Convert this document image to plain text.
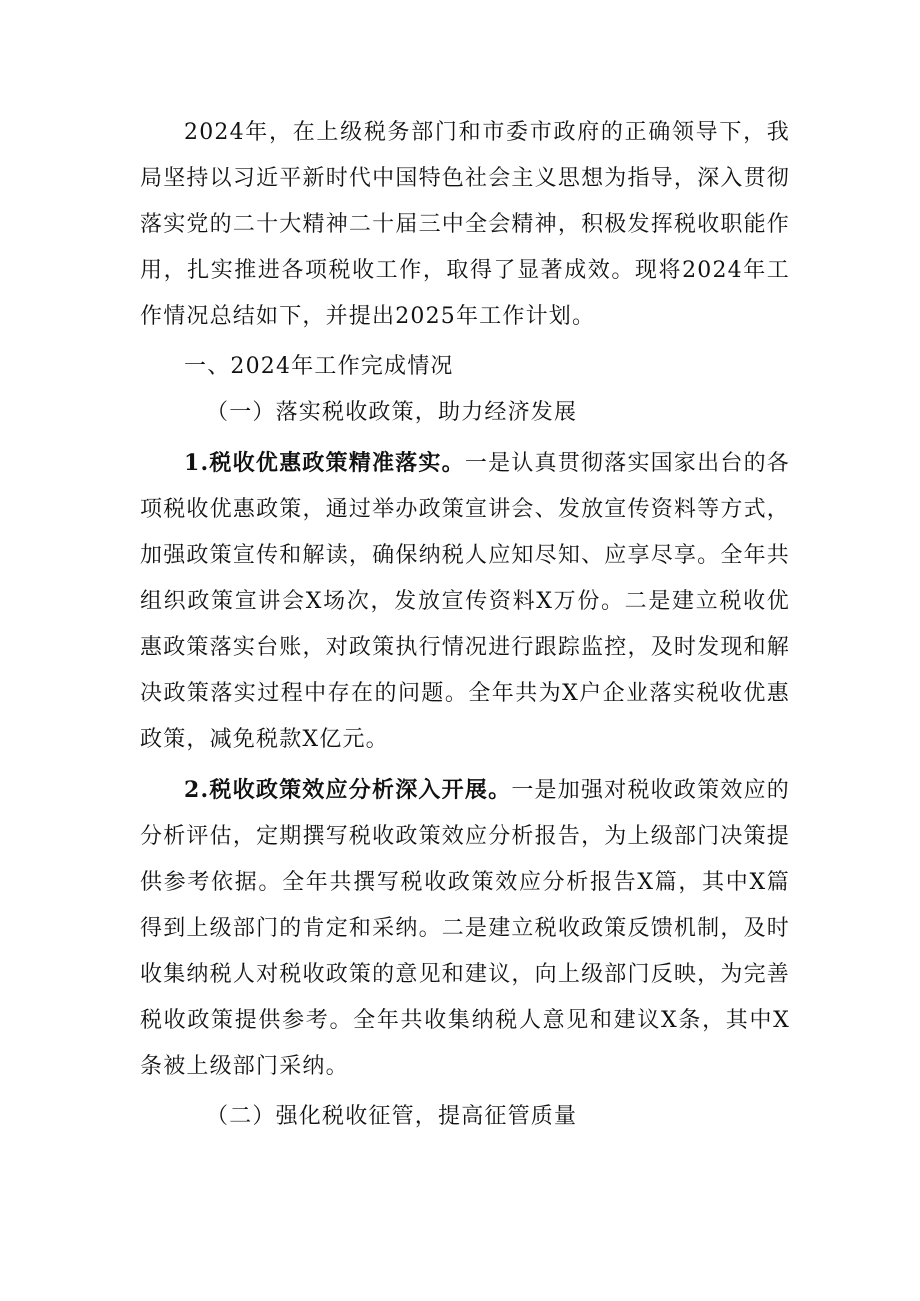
2024年，在上级税务部门和市委市政府的正确领导下，我局坚持以习近平新时代中国特色社会主义思想为指导，深入贯彻落实党的二十大精神二十届三中全会精神，积极发挥税收职能作用，扎实推进各项税收工作，取得了显著成效。现将2024年工作情况总结如下，并提出2025年工作计划。

一、2024年工作完成情况

（一）落实税收政策，助力经济发展

1.税收优惠政策精准落实。一是认真贯彻落实国家出台的各项税收优惠政策，通过举办政策宣讲会、发放宣传资料等方式，加强政策宣传和解读，确保纳税人应知尽知、应享尽享。全年共组织政策宣讲会X场次，发放宣传资料X万份。二是建立税收优惠政策落实台账，对政策执行情况进行跟踪监控，及时发现和解决政策落实过程中存在的问题。全年共为X户企业落实税收优惠政策，减免税款X亿元。

2.税收政策效应分析深入开展。一是加强对税收政策效应的分析评估，定期撰写税收政策效应分析报告，为上级部门决策提供参考依据。全年共撰写税收政策效应分析报告X篇，其中X篇得到上级部门的肯定和采纳。二是建立税收政策反馈机制，及时收集纳税人对税收政策的意见和建议，向上级部门反映，为完善税收政策提供参考。全年共收集纳税人意见和建议X条，其中X条被上级部门采纳。

（二）强化税收征管，提高征管质量
